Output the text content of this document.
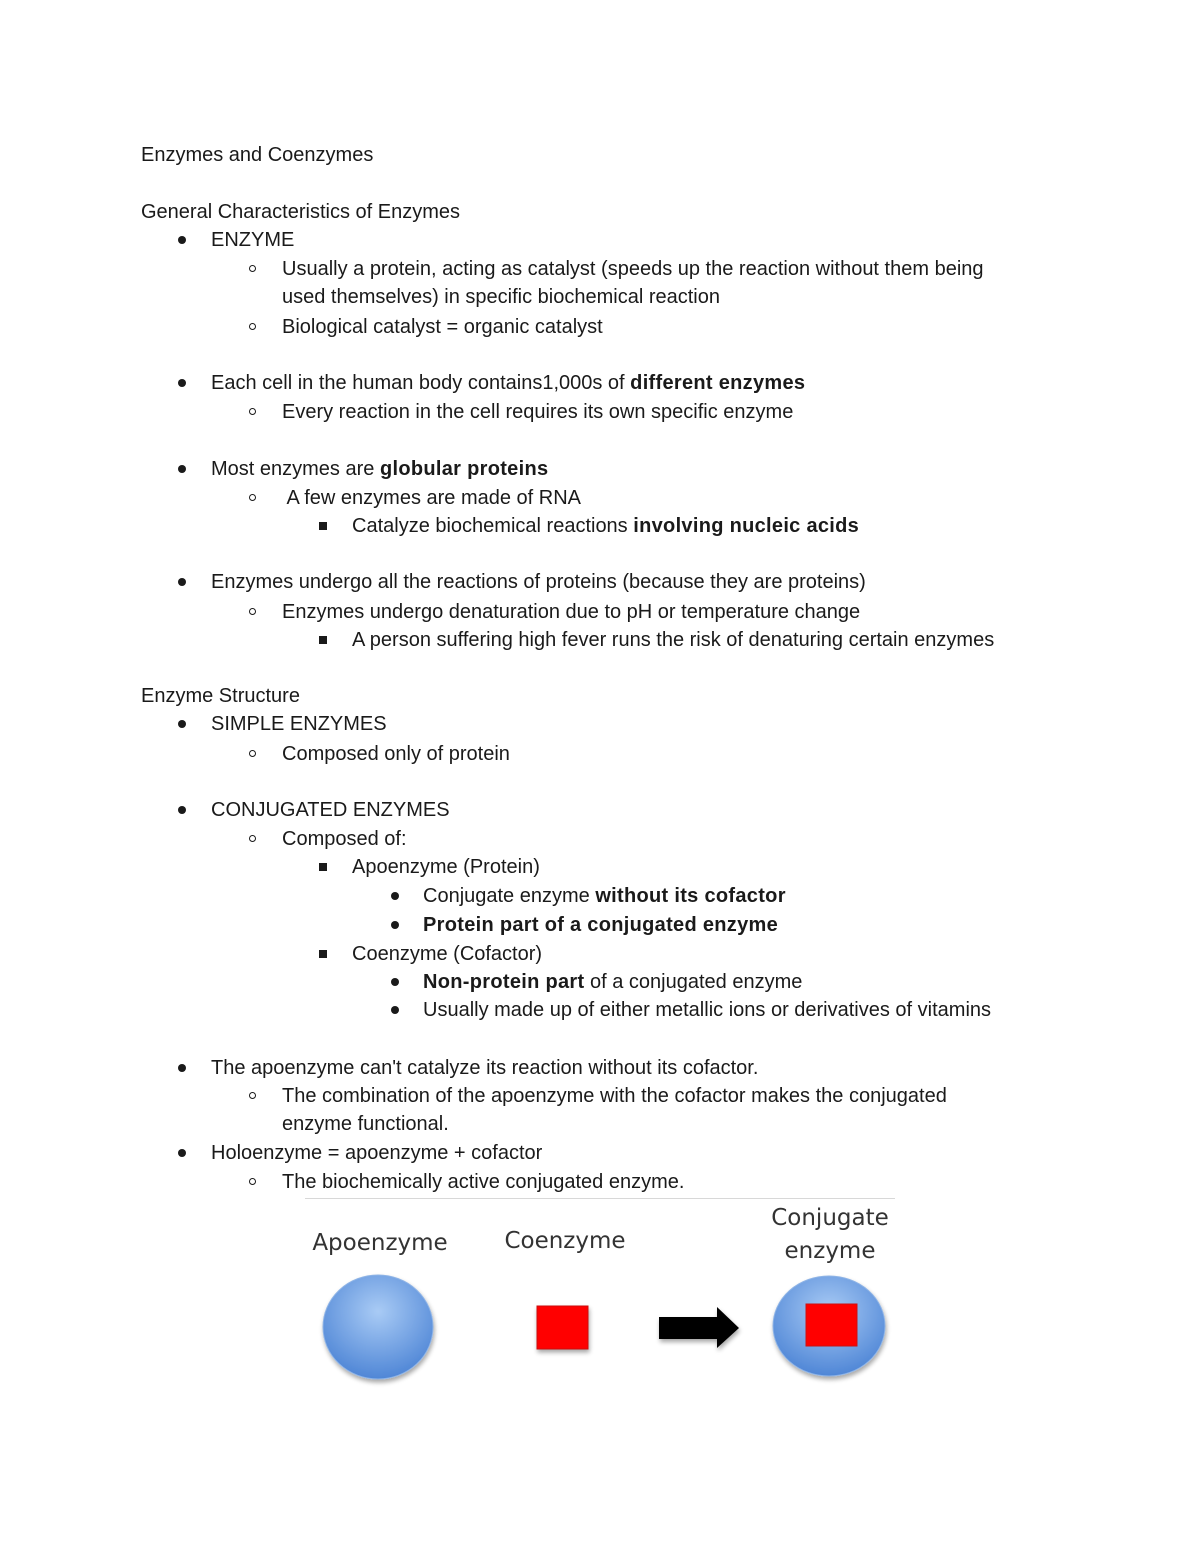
Enzymes and Coenzymes
General Characteristics of Enzymes
ENZYME
Usually a protein, acting as catalyst (speeds up the reaction without them being
used themselves) in specific biochemical reaction
Biological catalyst = organic catalyst
Each cell in the human body contains1,000s of different enzymes
Every reaction in the cell requires its own specific enzyme
Most enzymes are globular proteins
A few enzymes are made of RNA
Catalyze biochemical reactions involving nucleic acids
Enzymes undergo all the reactions of proteins (because they are proteins)
Enzymes undergo denaturation due to pH or temperature change
A person suffering high fever runs the risk of denaturing certain enzymes
Enzyme Structure
SIMPLE ENZYMES
Composed only of protein
CONJUGATED ENZYMES
Composed of:
Apoenzyme (Protein)
Conjugate enzyme without its cofactor
Protein part of a conjugated enzyme
Coenzyme (Cofactor)
Non-protein part of a conjugated enzyme
Usually made up of either metallic ions or derivatives of vitamins
The apoenzyme can't catalyze its reaction without its cofactor.
The combination of the apoenzyme with the cofactor makes the conjugated
enzyme functional.
Holoenzyme = apoenzyme + cofactor
The biochemically active conjugated enzyme.
Apoenzyme	Coenzyme
Conjugate
enzyme
